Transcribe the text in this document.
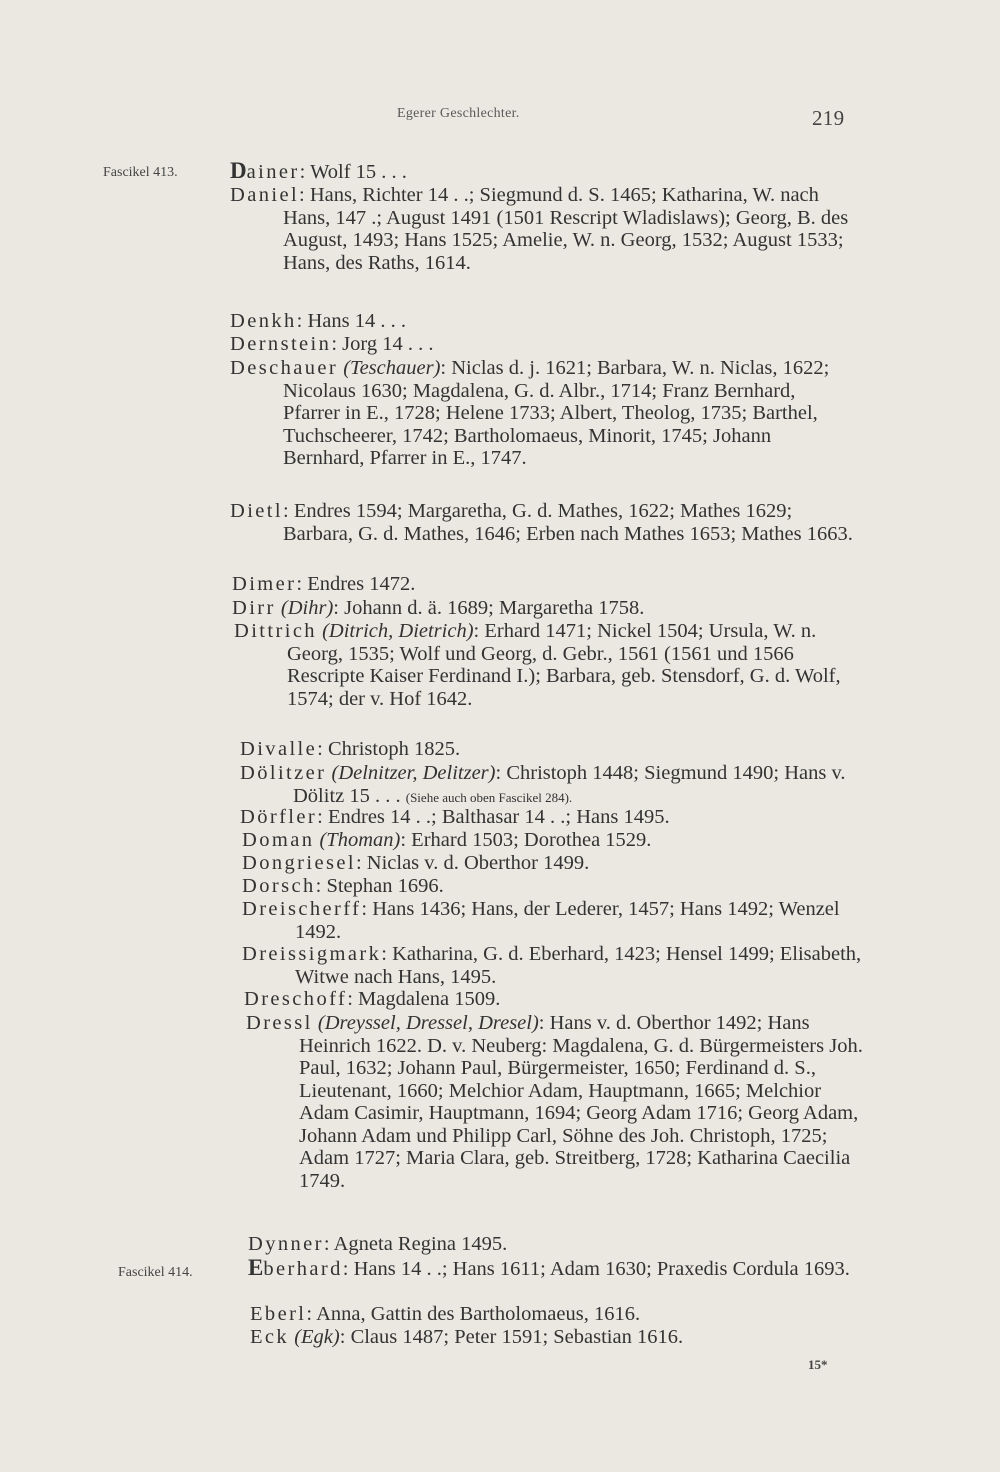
Egerer Geschlechter.	219
Fascikel 413.
Fascikel 414.
Dainer: Wolf 15 . . .
Daniel: Hans, Richter 14 . .; Siegmund d. S. 1465; Katharina, W. nach Hans, 147 .; August 1491 (1501 Rescript Wladislaws); Georg, B. des August, 1493; Hans 1525; Amelie, W. n. Georg, 1532; August 1533; Hans, des Raths, 1614.
Denkh: Hans 14 . . .
Dernstein: Jorg 14 . . .
Deschauer (Teschauer): Niclas d. j. 1621; Barbara, W. n. Niclas, 1622; Nicolaus 1630; Magdalena, G. d. Albr., 1714; Franz Bernhard, Pfarrer in E., 1728; Helene 1733; Albert, Theolog, 1735; Barthel, Tuchscheerer, 1742; Bartholomaeus, Minorit, 1745; Johann Bernhard, Pfarrer in E., 1747.
Dietl: Endres 1594; Margaretha, G. d. Mathes, 1622; Mathes 1629; Barbara, G. d. Mathes, 1646; Erben nach Mathes 1653; Mathes 1663.
Dimer: Endres 1472.
Dirr (Dihr): Johann d. ä. 1689; Margaretha 1758.
Dittrich (Ditrich, Dietrich): Erhard 1471; Nickel 1504; Ursula, W. n. Georg, 1535; Wolf und Georg, d. Gebr., 1561 (1561 und 1566 Rescripte Kaiser Ferdinand I.); Barbara, geb. Stensdorf, G. d. Wolf, 1574; der v. Hof 1642.
Divalle: Christoph 1825.
Dölitzer (Delnitzer, Delitzer): Christoph 1448; Siegmund 1490; Hans v. Dölitz 15 . . . (Siehe auch oben Fascikel 284).
Dörfler: Endres 14 . .; Balthasar 14 . .; Hans 1495.
Doman (Thoman): Erhard 1503; Dorothea 1529.
Dongriesel: Niclas v. d. Oberthor 1499.
Dorsch: Stephan 1696.
Dreischerff: Hans 1436; Hans, der Lederer, 1457; Hans 1492; Wenzel 1492.
Dreissigmark: Katharina, G. d. Eberhard, 1423; Hensel 1499; Elisabeth, Witwe nach Hans, 1495.
Dreschoff: Magdalena 1509.
Dressl (Dreyssel, Dressel, Dresel): Hans v. d. Oberthor 1492; Hans Heinrich 1622. D. v. Neuberg: Magdalena, G. d. Bürgermeisters Joh. Paul, 1632; Johann Paul, Bürgermeister, 1650; Ferdinand d. S., Lieutenant, 1660; Melchior Adam, Hauptmann, 1665; Melchior Adam Casimir, Hauptmann, 1694; Georg Adam 1716; Georg Adam, Johann Adam und Philipp Carl, Söhne des Joh. Christoph, 1725; Adam 1727; Maria Clara, geb. Streitberg, 1728; Katharina Caecilia 1749.
Dynner: Agneta Regina 1495.
Eberhard: Hans 14 . .; Hans 1611; Adam 1630; Praxedis Cordula 1693.
Eberl: Anna, Gattin des Bartholomaeus, 1616.
Eck (Egk): Claus 1487; Peter 1591; Sebastian 1616.
15*
